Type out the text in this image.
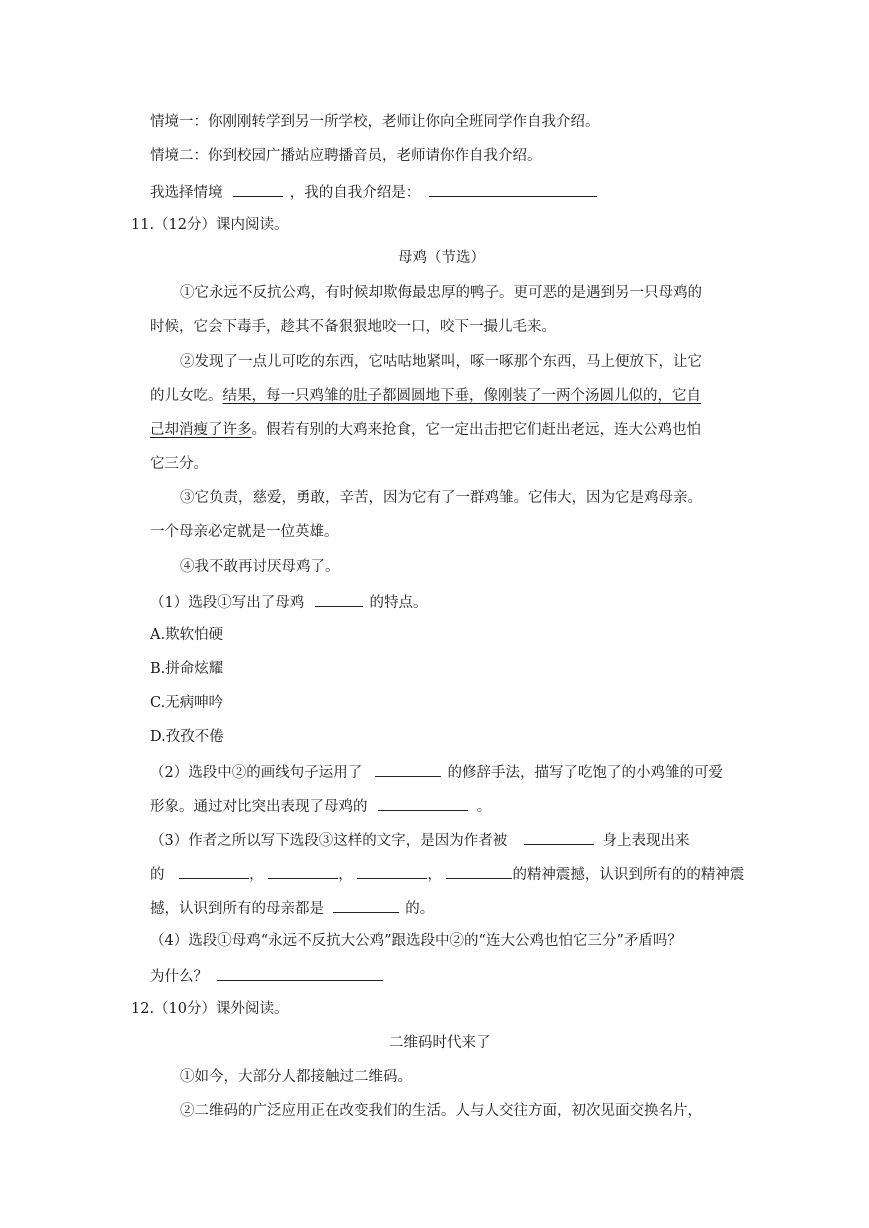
情境一：你刚刚转学到另一所学校，老师让你向全班同学作自我介绍。
情境二：你到校园广播站应聘播音员，老师请你作自我介绍。
我选择情境	，我的自我介绍是：
11.（12分）课内阅读。
母鸡（节选）
①它永远不反抗公鸡，有时候却欺侮最忠厚的鸭子。更可恶的是遇到另一只母鸡的
时候，它会下毒手，趁其不备狠狠地咬一口，咬下一撮儿毛来。
②发现了一点儿可吃的东西，它咕咕地紧叫，啄一啄那个东西，马上便放下，让它
的儿女吃。结果，每一只鸡雏的肚子都圆圆地下垂，像刚装了一两个汤圆儿似的，它自
己却消瘦了许多。假若有别的大鸡来抢食，它一定出击把它们赶出老远，连大公鸡也怕
它三分。
③它负责，慈爱，勇敢，辛苦，因为它有了一群鸡雏。它伟大，因为它是鸡母亲。
一个母亲必定就是一位英雄。
④我不敢再讨厌母鸡了。
（1）选段①写出了母鸡	的特点。
A.欺软怕硬
B.拼命炫耀
C.无病呻吟
D.孜孜不倦
（2）选段中②的画线句子运用了	的修辞手法，描写了吃饱了的小鸡雏的可爱
形象。通过对比突出表现了母鸡的	。
（3）作者之所以写下选段③这样的文字，是因为作者被	身上表现出来
的	，	，	，	的精神震撼，认识到所有的的精神震
撼，认识到所有的母亲都是	的。
（4）选段①母鸡“永远不反抗大公鸡”跟选段中②的“连大公鸡也怕它三分”矛盾吗？
为什么？
12.（10分）课外阅读。
二维码时代来了
①如今，大部分人都接触过二维码。
②二维码的广泛应用正在改变我们的生活。人与人交往方面，初次见面交换名片，
